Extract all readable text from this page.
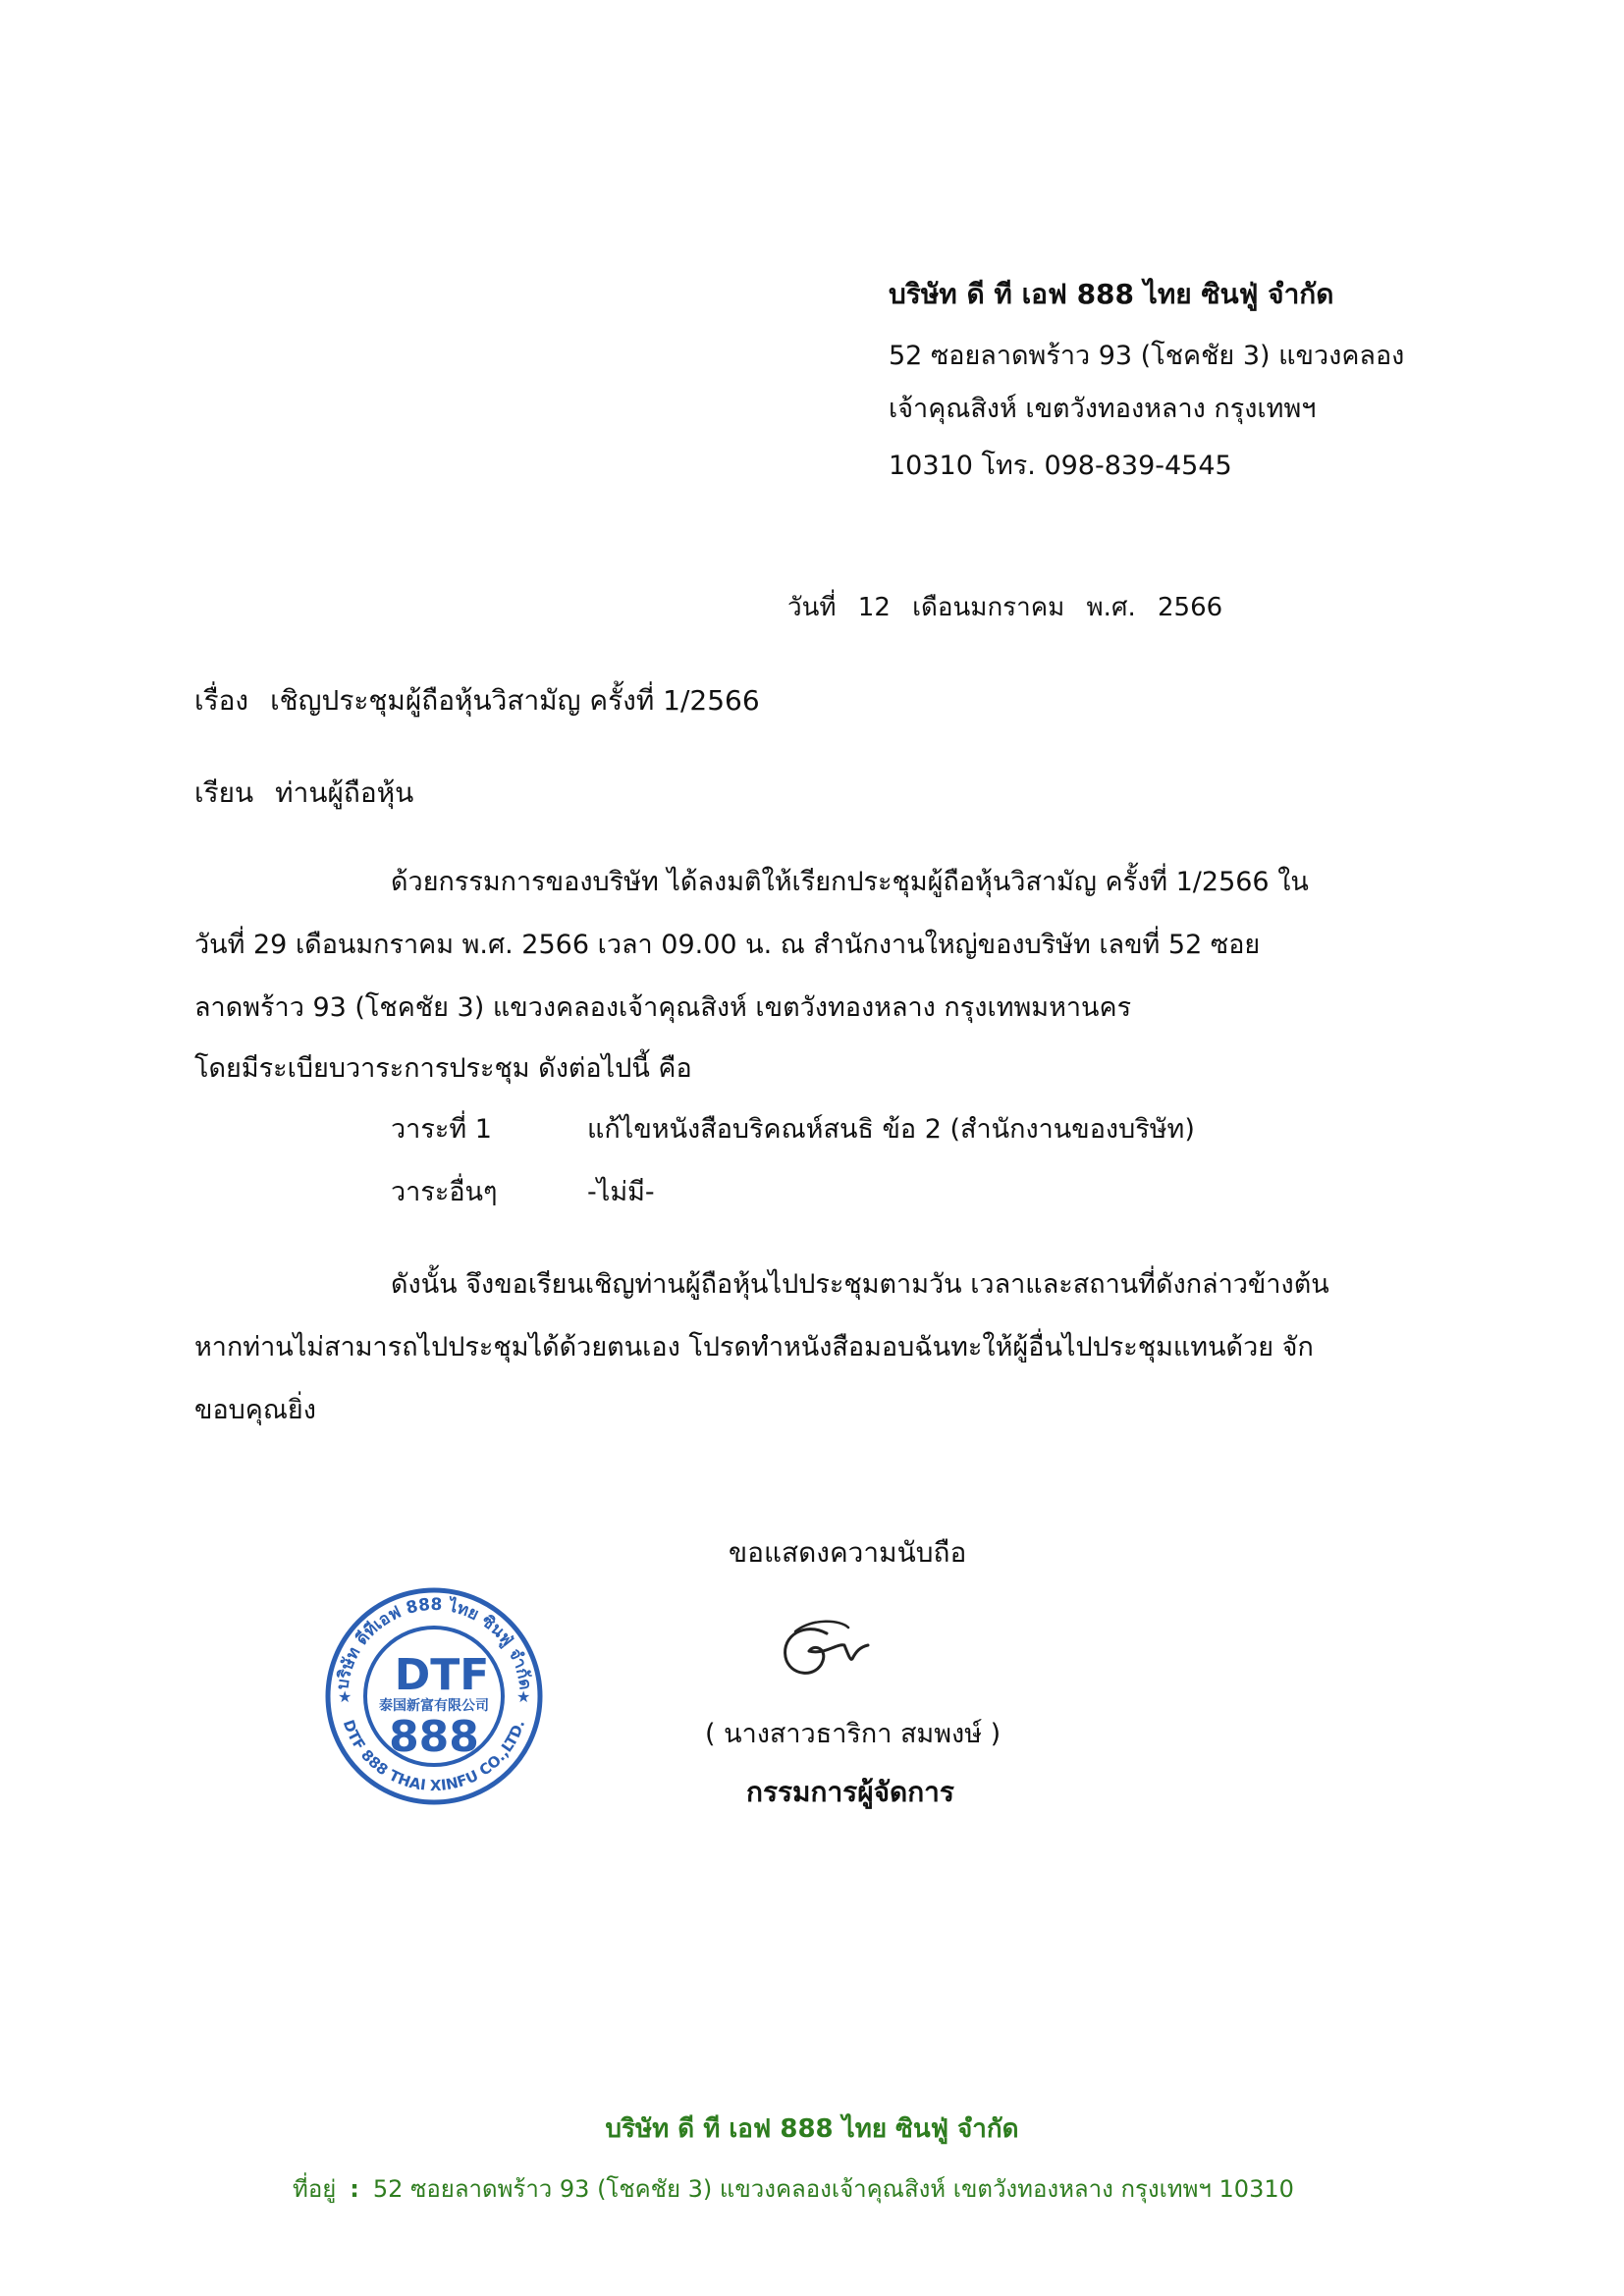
บริษัท ดี ที เอฟ 888 ไทย ซินฟู่ จำกัด
52 ซอยลาดพร้าว 93 (โชคชัย 3) แขวงคลอง
เจ้าคุณสิงห์ เขตวังทองหลาง กรุงเทพฯ
10310 โทร. 098-839-4545
วันที่ 12 เดือนมกราคม พ.ศ. 2566
เรื่อง เชิญประชุมผู้ถือหุ้นวิสามัญ ครั้งที่ 1/2566
เรียน ท่านผู้ถือหุ้น
ด้วยกรรมการของบริษัท ได้ลงมติให้เรียกประชุมผู้ถือหุ้นวิสามัญ ครั้งที่ 1/2566 ใน
วันที่ 29 เดือนมกราคม พ.ศ. 2566 เวลา 09.00 น. ณ สำนักงานใหญ่ของบริษัท เลขที่ 52 ซอย
ลาดพร้าว 93 (โชคชัย 3) แขวงคลองเจ้าคุณสิงห์ เขตวังทองหลาง กรุงเทพมหานคร
โดยมีระเบียบวาระการประชุม ดังต่อไปนี้ คือ
วาระที่ 1	แก้ไขหนังสือบริคณห์สนธิ ข้อ 2 (สำนักงานของบริษัท)
วาระอื่นๆ	-ไม่มี-
ดังนั้น จึงขอเรียนเชิญท่านผู้ถือหุ้นไปประชุมตามวัน เวลาและสถานที่ดังกล่าวข้างต้น
หากท่านไม่สามารถไปประชุมได้ด้วยตนเอง โปรดทำหนังสือมอบฉันทะให้ผู้อื่นไปประชุมแทนด้วย จัก
ขอบคุณยิ่ง
ขอแสดงความนับถือ
บริษัท ดีทีเอฟ 888 ไทย ซินฟู่ จำกัด
DTF 888 THAI XINFU CO.,LTD.
DTF
泰国新富有限公司
888
★	★
( นางสาวธาริกา สมพงษ์ )
กรรมการผู้จัดการ
บริษัท ดี ที เอฟ 888 ไทย ซินฟู่ จำกัด
ที่อยู่ : 52 ซอยลาดพร้าว 93 (โชคชัย 3) แขวงคลองเจ้าคุณสิงห์ เขตวังทองหลาง กรุงเทพฯ 10310
